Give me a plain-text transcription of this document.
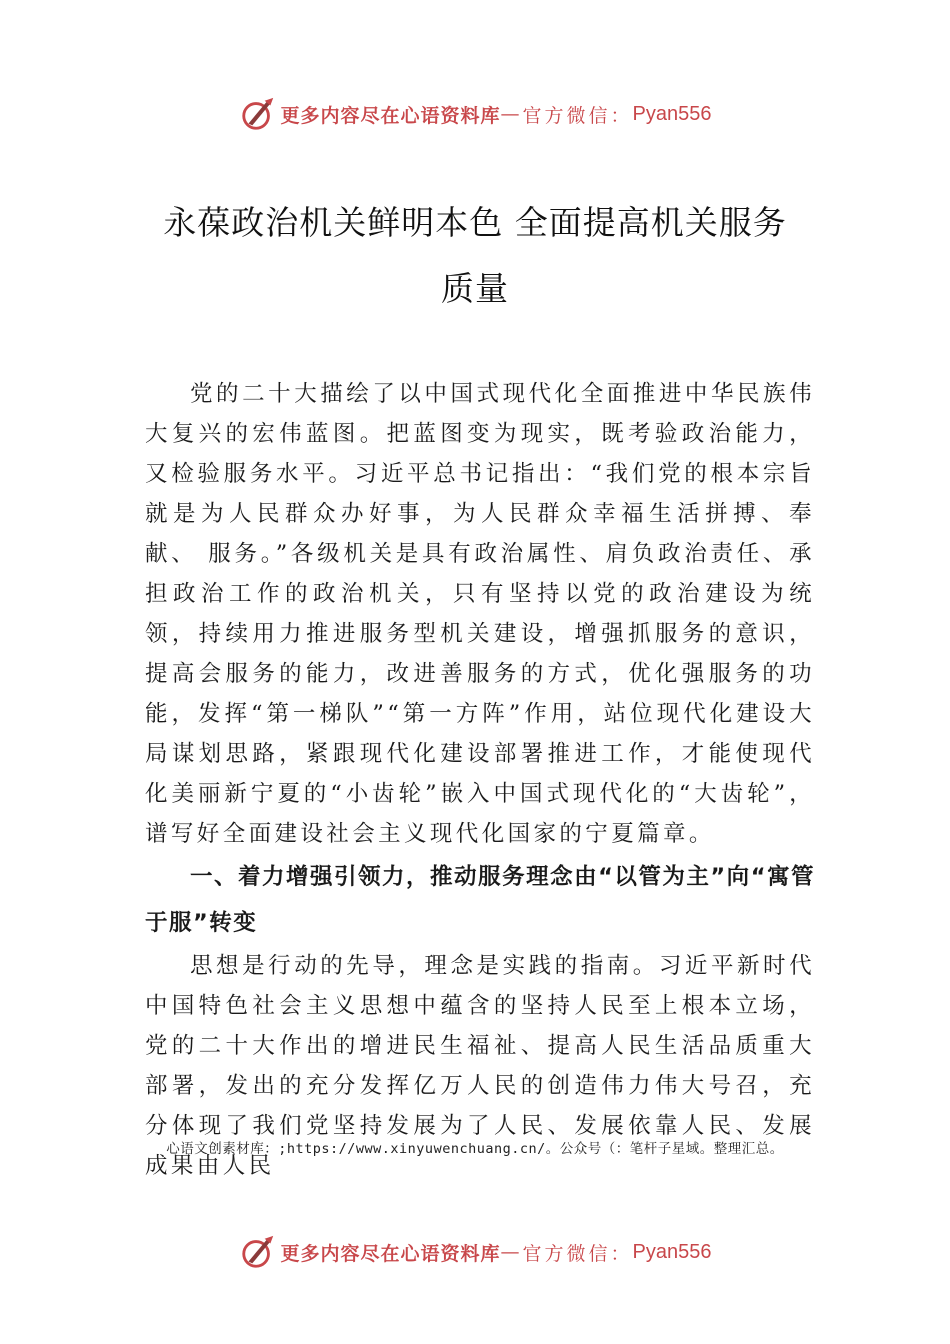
更多内容尽在心语资料库 — 官方微信： Pyan556
永葆政治机关鲜明本色 全面提高机关服务
质量

党的二十大描绘了以中国式现代化全面推进中华民族伟大复兴的宏伟蓝图。把蓝图变为现实，既考验政治能力， 又检验服务水平。习近平总书记指出：“我们党的根本宗旨就是为人民群众办好事，为人民群众幸福生活拼搏、奉献、 服务。”各级机关是具有政治属性、肩负政治责任、承担政治工作的政治机关，只有坚持以党的政治建设为统领，持续用力推进服务型机关建设，增强抓服务的意识，提高会服务的能力，改进善服务的方式，优化强服务的功能，发挥“第一梯队”“第一方阵”作用，站位现代化建设大局谋划思路，紧跟现代化建设部署推进工作，才能使现代化美丽新宁夏的“小齿轮”嵌入中国式现代化的“大齿轮”，谱写好全面建设社会主义现代化国家的宁夏篇章。

一、着力增强引领力，推动服务理念由“以管为主”向“寓管于服”转变

思想是行动的先导，理念是实践的指南。习近平新时代中国特色社会主义思想中蕴含的坚持人民至上根本立场，党的二十大作出的增进民生福祉、提高人民生活品质重大部署，发出的充分发挥亿万人民的创造伟力伟大号召，充分体现了我们党坚持发展为了人民、发展依靠人民、发展成果由人民

心语文创素材库：;https://www.xinyuwenchuang.cn/。公众号（：笔杆子星域。整理汇总。
更多内容尽在心语资料库 — 官方微信： Pyan556
